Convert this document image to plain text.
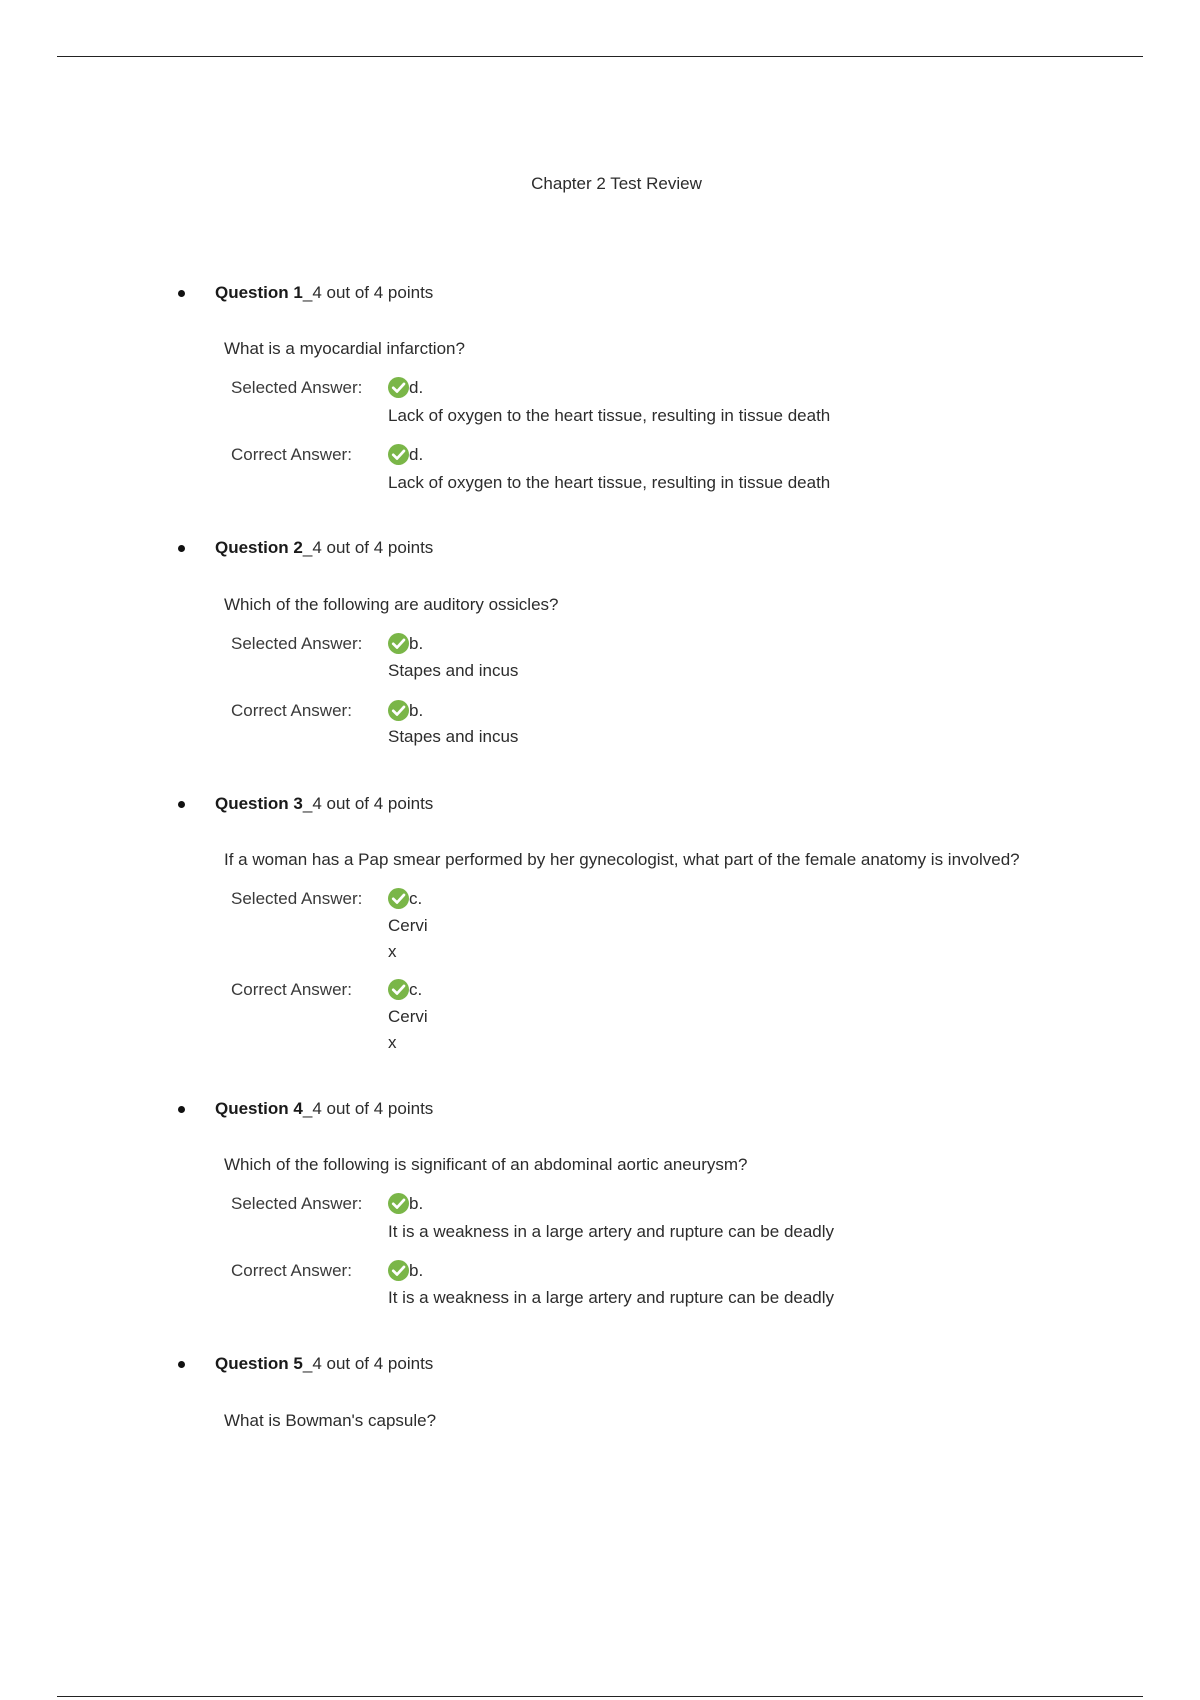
Chapter 2 Test Review
Question 1 _4 out of 4 points
What is a myocardial infarction?
Selected Answer:	d.
Lack of oxygen to the heart tissue, resulting in tissue death
Correct Answer:	d.
Lack of oxygen to the heart tissue, resulting in tissue death
Question 2 _4 out of 4 points
Which of the following are auditory ossicles?
Selected Answer:	b.
Stapes and incus
Correct Answer:	b.
Stapes and incus
Question 3 _4 out of 4 points
If a woman has a Pap smear performed by her gynecologist, what part of the female anatomy is involved?
Selected Answer:	c.
Cervi
x
Correct Answer:	c.
Cervi
x
Question 4 _4 out of 4 points
Which of the following is significant of an abdominal aortic aneurysm?
Selected Answer:	b.
It is a weakness in a large artery and rupture can be deadly
Correct Answer:	b.
It is a weakness in a large artery and rupture can be deadly
Question 5 _4 out of 4 points
What is Bowman's capsule?
